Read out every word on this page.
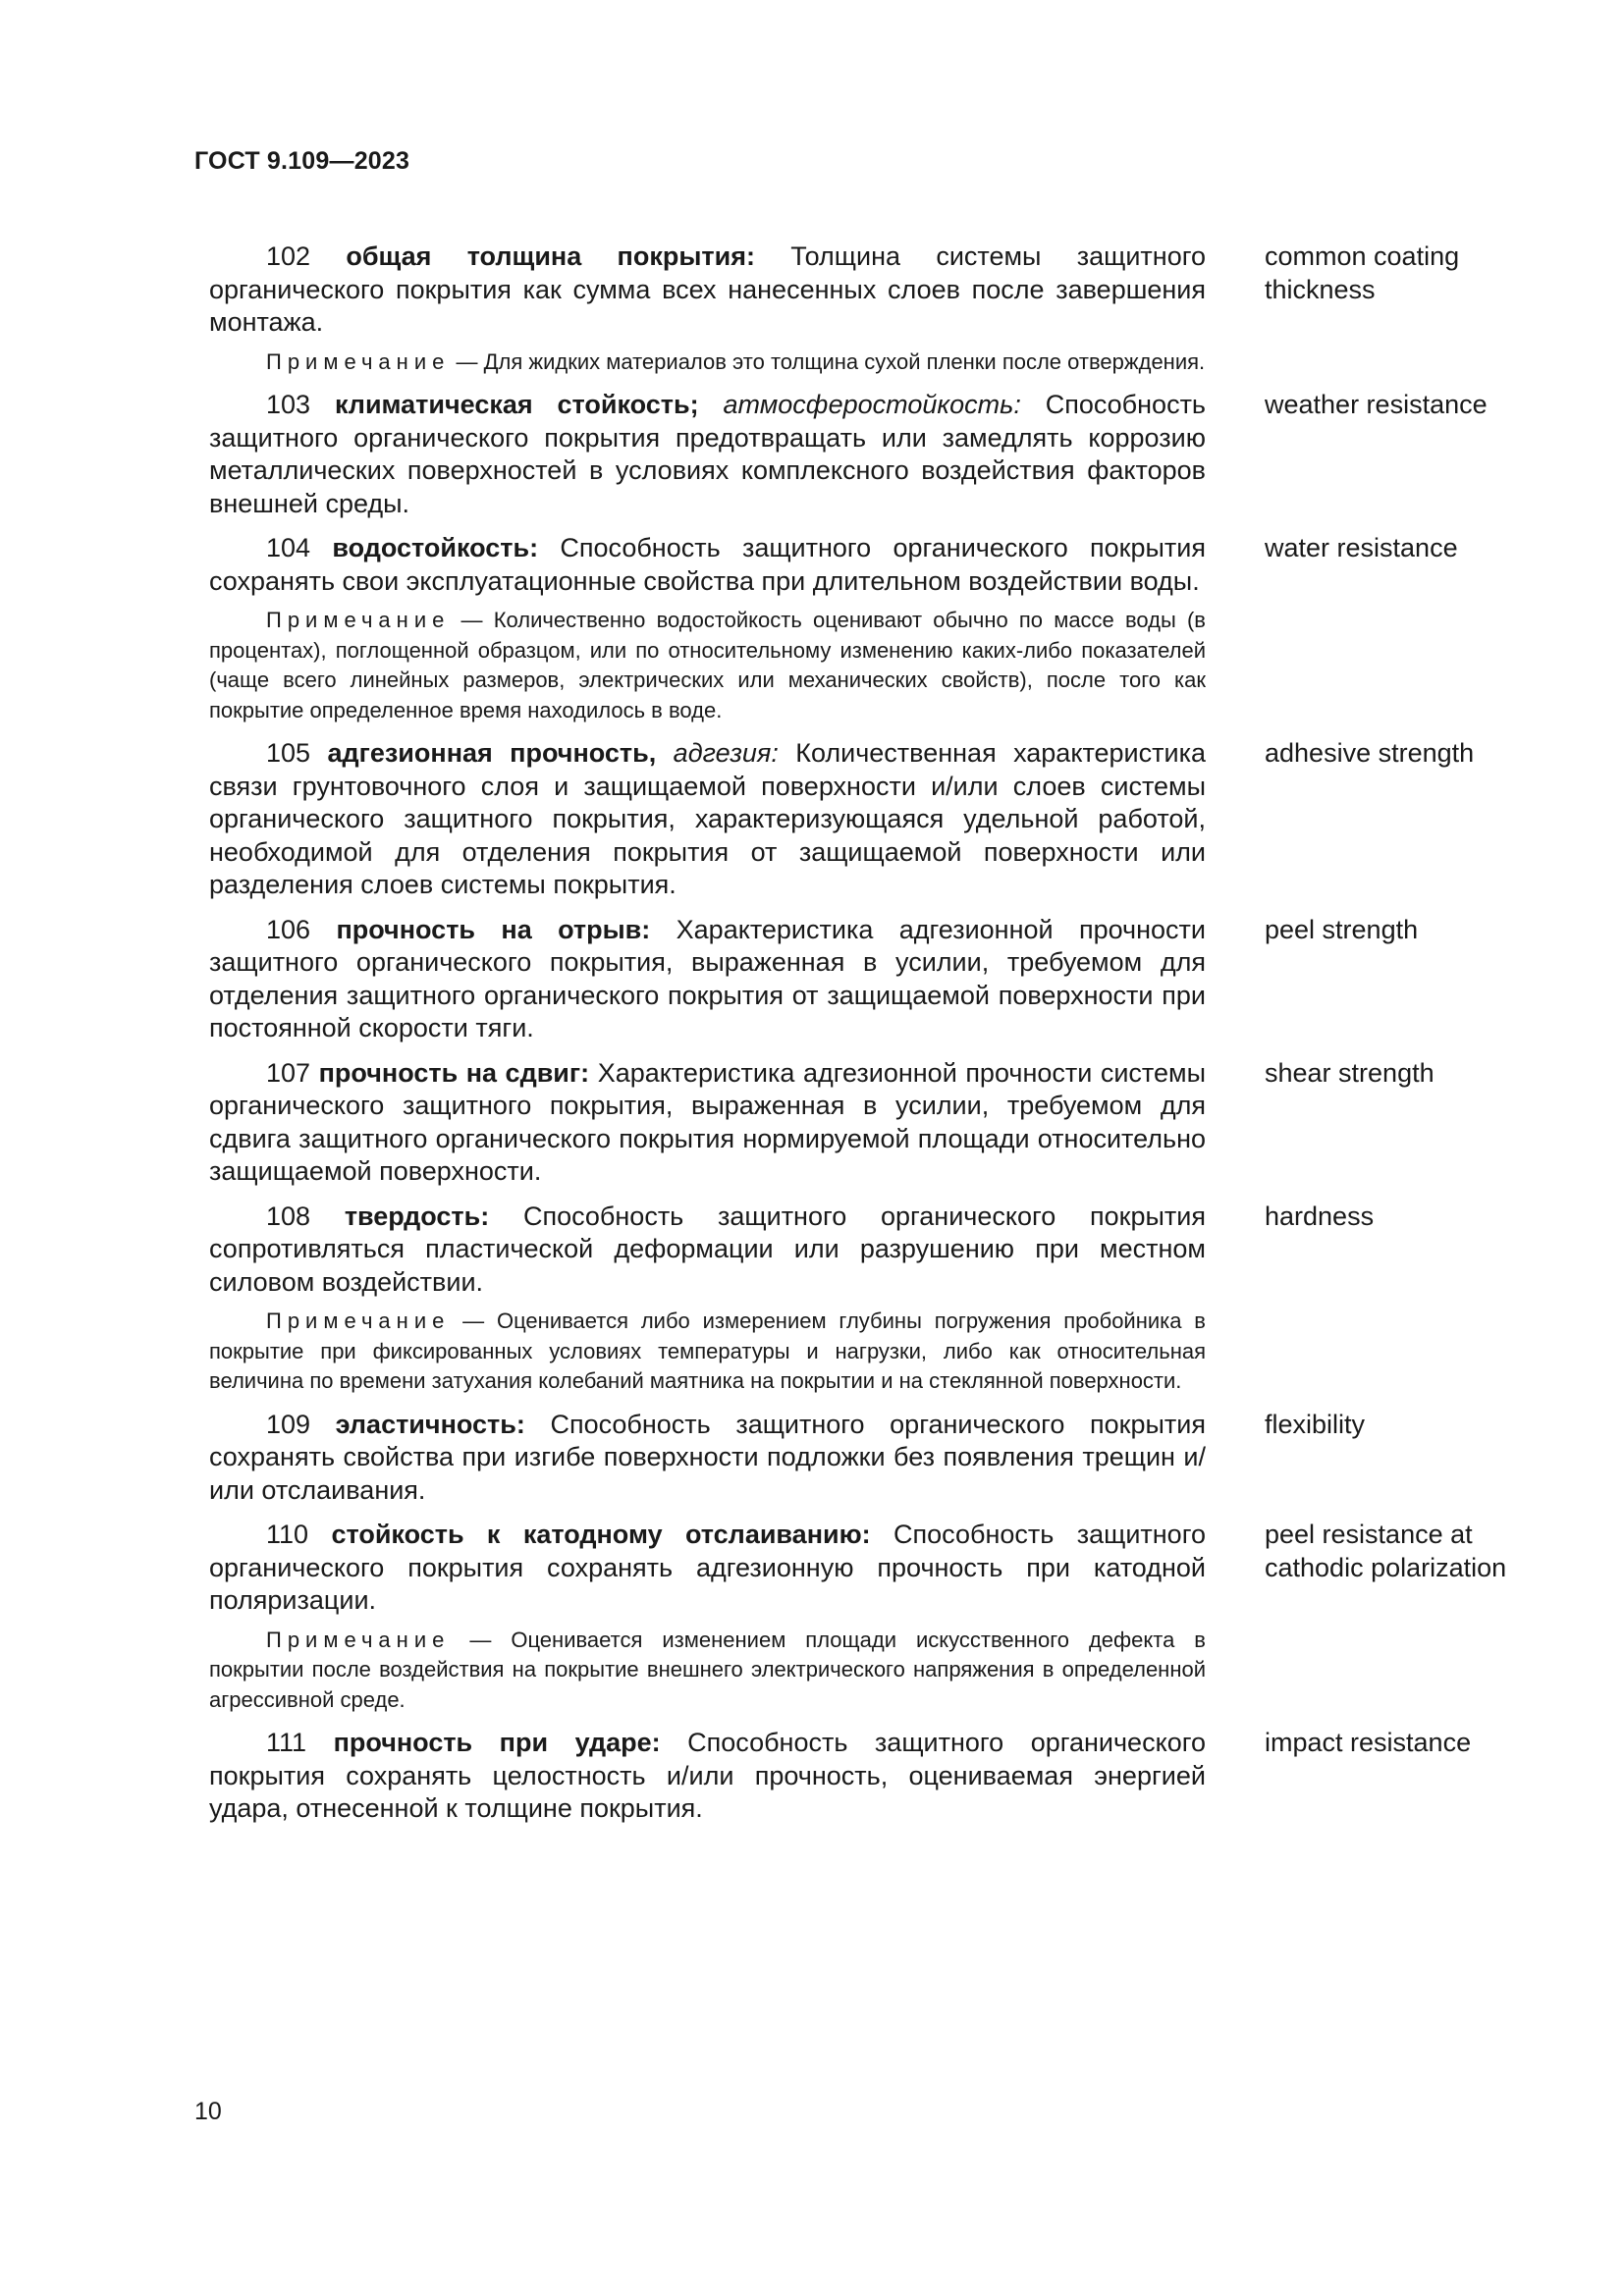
ГОСТ 9.109—2023

102 общая толщина покрытия: Толщина системы защитного органического покрытия как сумма всех нанесенных слоев после завершения монтажа.

Примечание — Для жидких материалов это толщина сухой пленки после отверждения.

common coating thickness

103 климатическая стойкость; атмосферостойкость: Способность защитного органического покрытия предотвращать или замедлять коррозию металлических поверхностей в условиях комплексного воздействия факторов внешней среды.

weather resistance

104 водостойкость: Способность защитного органического покрытия сохранять свои эксплуатационные свойства при длительном воздействии воды.

Примечание — Количественно водостойкость оценивают обычно по массе воды (в процентах), поглощенной образцом, или по относительному изменению каких-либо показателей (чаще всего линейных размеров, электрических или механических свойств), после того как покрытие определенное время находилось в воде.

water resistance

105 адгезионная прочность, адгезия: Количественная характеристика связи грунтовочного слоя и защищаемой поверхности и/или слоев системы органического защитного покрытия, характеризующаяся удельной работой, необходимой для отделения покрытия от защищаемой поверхности или разделения слоев системы покрытия.

adhesive strength

106 прочность на отрыв: Характеристика адгезионной прочности защитного органического покрытия, выраженная в усилии, требуемом для отделения защитного органического покрытия от защищаемой поверхности при постоянной скорости тяги.

peel strength

107 прочность на сдвиг: Характеристика адгезионной прочности системы органического защитного покрытия, выраженная в усилии, требуемом для сдвига защитного органического покрытия нормируемой площади относительно защищаемой поверхности.

shear strength

108 твердость: Способность защитного органического покрытия сопротивляться пластической деформации или разрушению при местном силовом воздействии.

Примечание — Оценивается либо измерением глубины погружения пробойника в покрытие при фиксированных условиях температуры и нагрузки, либо как относительная величина по времени затухания колебаний маятника на покрытии и на стеклянной поверхности.

hardness

109 эластичность: Способность защитного органического покрытия сохранять свойства при изгибе поверхности подложки без появления трещин и/или отслаивания.

flexibility

110 стойкость к катодному отслаиванию: Способность защитного органического покрытия сохранять адгезионную прочность при катодной поляризации.

Примечание — Оценивается изменением площади искусственного дефекта в покрытии после воздействия на покрытие внешнего электрического напряжения в определенной агрессивной среде.

peel resistance at cathodic polarization

111 прочность при ударе: Способность защитного органического покрытия сохранять целостность и/или прочность, оцениваемая энергией удара, отнесенной к толщине покрытия.

impact resistance
10
